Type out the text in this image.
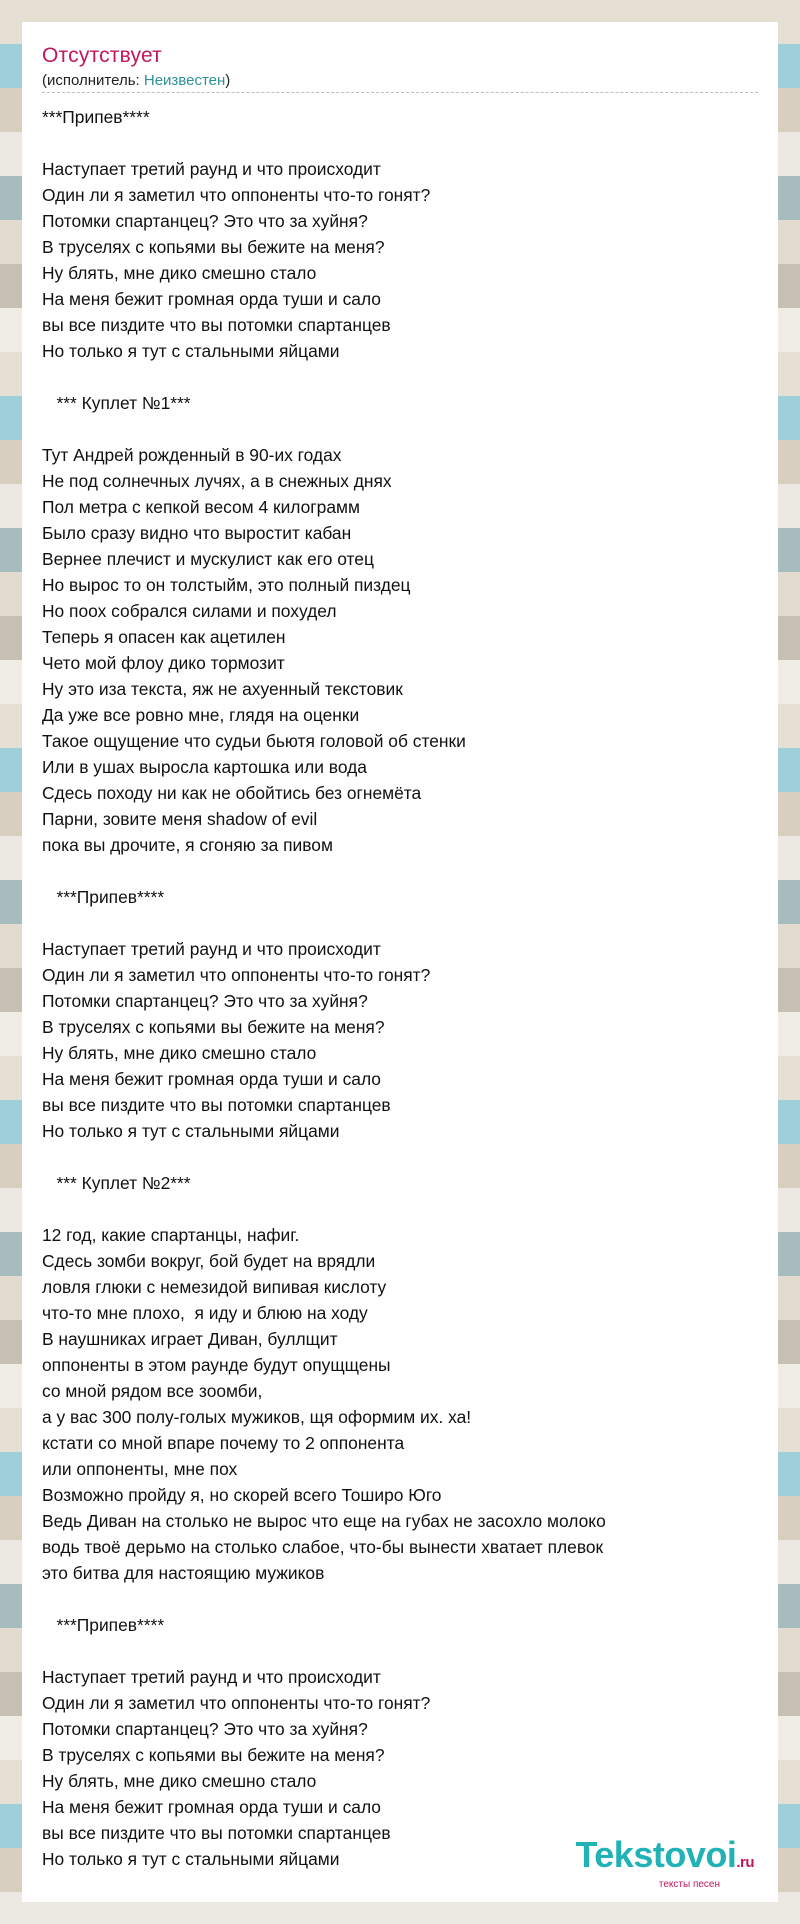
Отсутствует
(исполнитель: Неизвестен)
***Припев****
Наступает третий раунд и что происходит
Один ли я заметил что оппоненты что-то гонят?
Потомки спартанцец? Это что за хуйня?
В труселях с копьями вы бежите на меня?
Ну блять, мне дико смешно стало
На меня бежит громная орда туши и сало
вы все пиздите что вы потомки спартанцев
Но только я тут с стальными яйцами
*** Куплет №1***
Тут Андрей рожденный в 90-их годах
Не под солнечных лучях, а в снежных днях
Пол метра с кепкой весом 4 килограмм
Было сразу видно что выростит кабан
Вернее плечист и мускулист как его отец
Но вырос то он толстыйм, это полный пиздец
Но поох собрался силами и похудел
Теперь я опасен как ацетилен
Чето мой флоу дико тормозит
Ну это иза текста, яж не ахуенный текстовик
Да уже все ровно мне, глядя на оценки
Такое ощущение что судьи бьютя головой об стенки
Или в ушах выросла картошка или вода
Сдесь походу ни как не обойтись без огнемёта
Парни, зовите меня shadow of evil
пока вы дрочите, я сгоняю за пивом
***Припев****
Наступает третий раунд и что происходит
Один ли я заметил что оппоненты что-то гонят?
Потомки спартанцец? Это что за хуйня?
В труселях с копьями вы бежите на меня?
Ну блять, мне дико смешно стало
На меня бежит громная орда туши и сало
вы все пиздите что вы потомки спартанцев
Но только я тут с стальными яйцами
*** Куплет №2***
12 год, какие спартанцы, нафиг.
Сдесь зомби вокруг, бой будет на врядли
ловля глюки с немезидой випивая кислоту
что-то мне плохо,  я иду и блюю на ходу
В наушниках играет Диван, буллщит
оппоненты в этом раунде будут опущщены
со мной рядом все зоомби,
а у вас 300 полу-голых мужиков, щя оформим их. ха!
кстати со мной впаре почему то 2 оппонента
или оппоненты, мне пох
Возможно пройду я, но скорей всего Тоширо Юго
Ведь Диван на столько не вырос что еще на губах не засохло молоко
водь твоё дерьмо на столько слабое, что-бы вынести хватает плевок
это битва для настоящию мужиков
***Припев****
Наступает третий раунд и что происходит
Один ли я заметил что оппоненты что-то гонят?
Потомки спартанцец? Это что за хуйня?
В труселях с копьями вы бежите на меня?
Ну блять, мне дико смешно стало
На меня бежит громная орда туши и сало
вы все пиздите что вы потомки спартанцев
Но только я тут с стальными яйцами	Tekstovoi.ru
тексты песен
